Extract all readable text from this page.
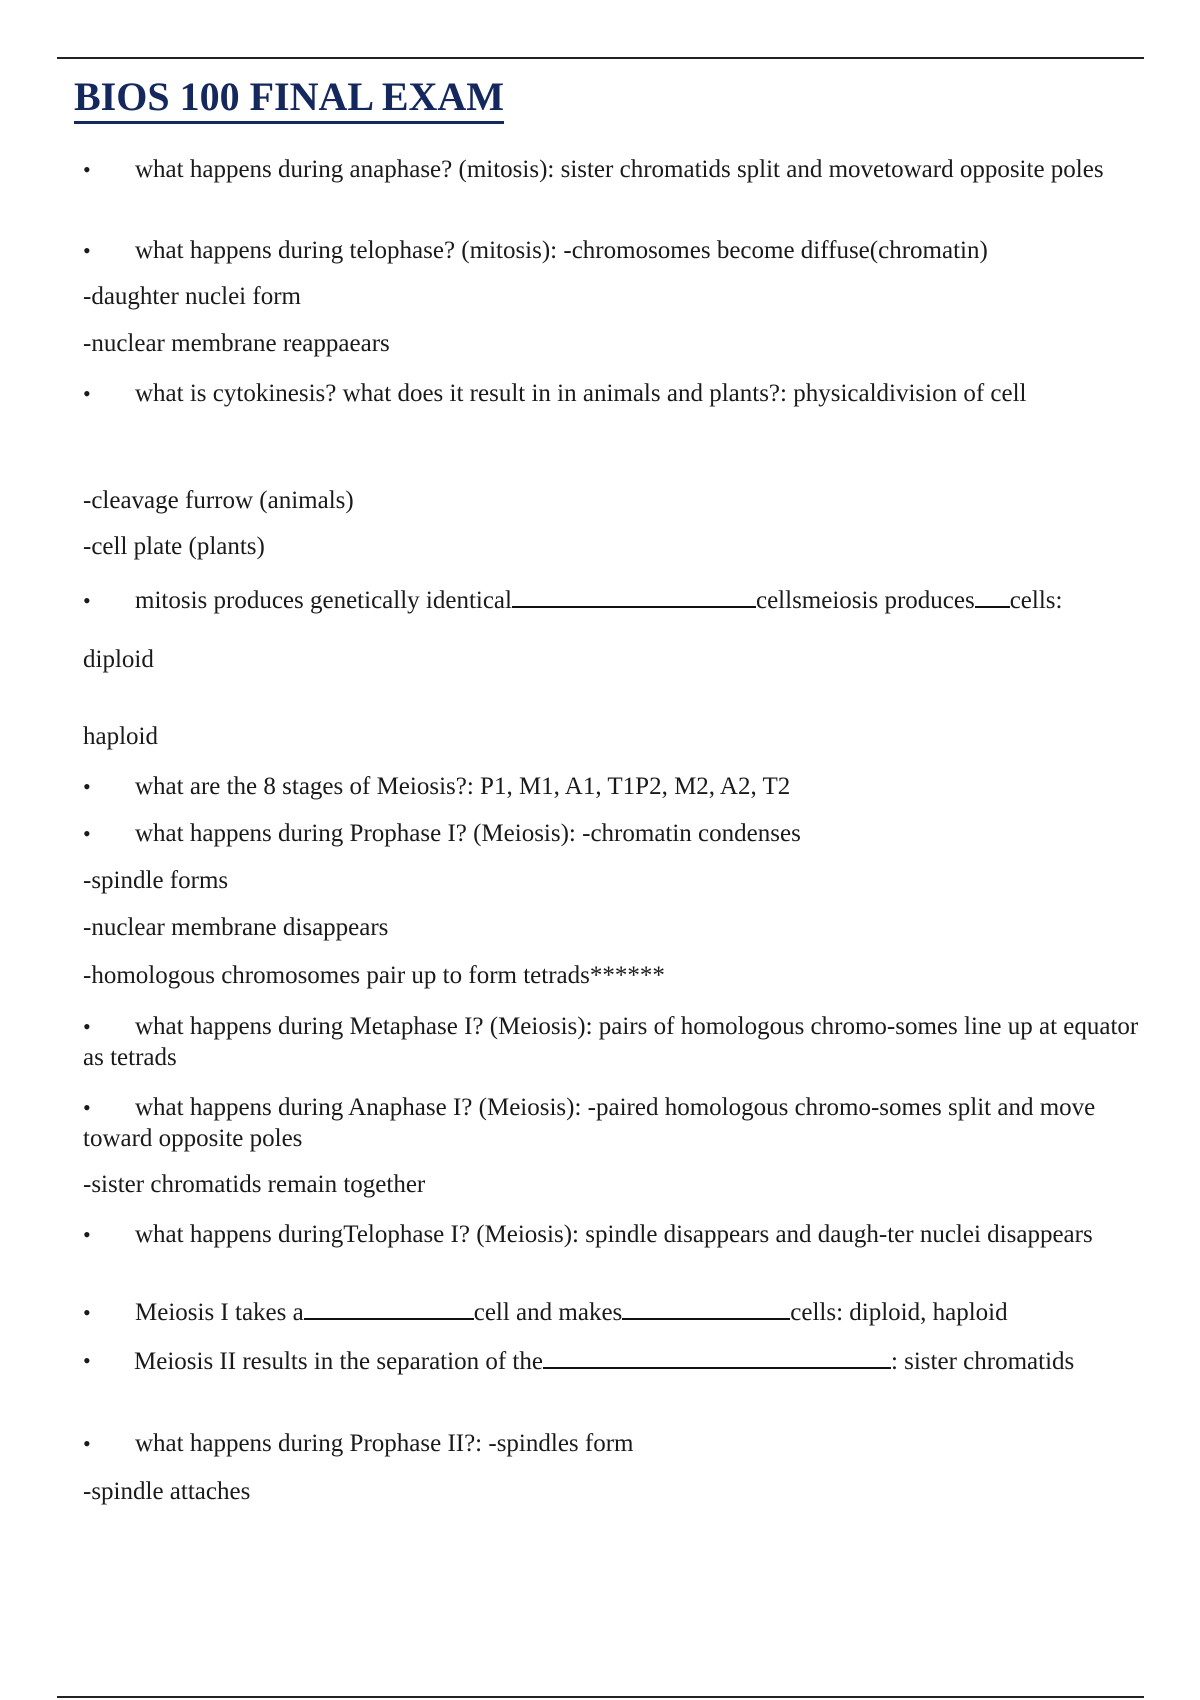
BIOS 100 FINAL EXAM
• what happens during anaphase? (mitosis): sister chromatids split and movetoward opposite poles
• what happens during telophase? (mitosis): -chromosomes become diffuse(chromatin)
-daughter nuclei form
-nuclear membrane reappaears
• what is cytokinesis? what does it result in in animals and plants?: physicaldivision of cell
-cleavage furrow (animals)
-cell plate (plants)
• mitosis produces genetically identical	cellsmeiosis produces cells:
diploid
haploid
• what are the 8 stages of Meiosis?: P1, M1, A1, T1P2, M2, A2, T2
• what happens during Prophase I? (Meiosis): -chromatin condenses
-spindle forms
-nuclear membrane disappears
-homologous chromosomes pair up to form tetrads******
• what happens during Metaphase I? (Meiosis): pairs of homologous chromo-somes line up at equator as tetrads
• what happens during Anaphase I? (Meiosis): -paired homologous chromo-somes split and move toward opposite poles
-sister chromatids remain together
• what happens duringTelophase I? (Meiosis): spindle disappears and daugh-ter nuclei disappears
• Meiosis I takes a	cell and makes	cells: diploid, haploid
•	Meiosis II results in the separation of the	: sister chromatids
• what happens during Prophase II?: -spindles form
-spindle attaches
